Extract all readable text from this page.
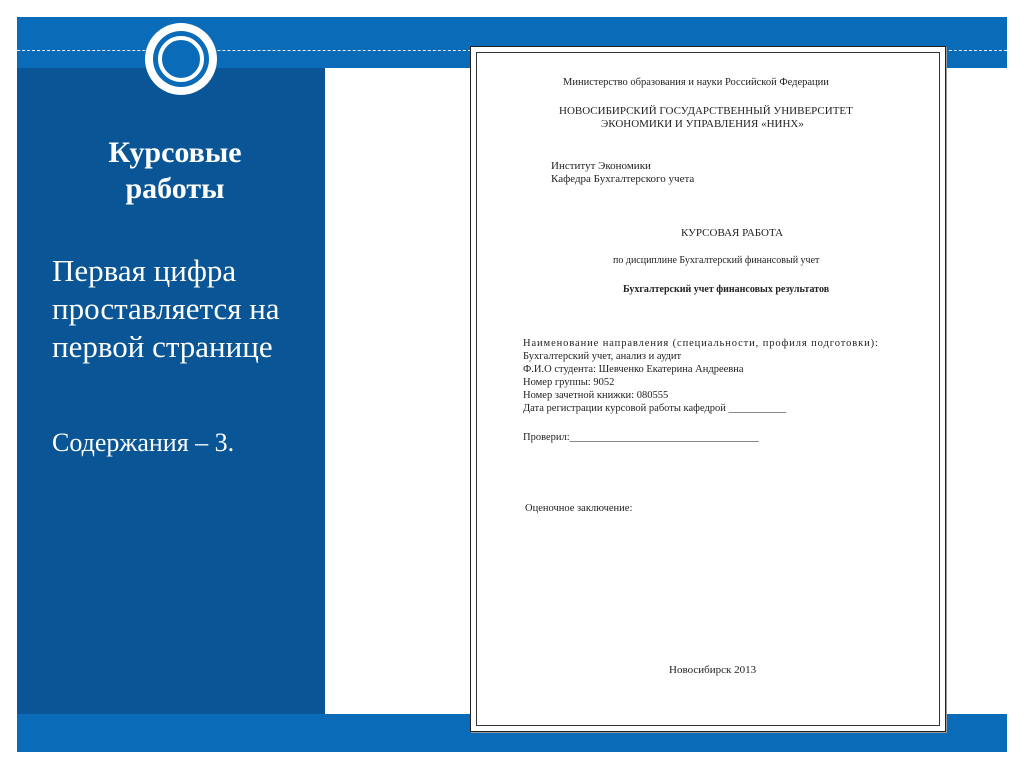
Курсовые работы
Первая цифра проставляется на первой странице
Содержания – 3.

Министерство образования и науки Российской Федерации

НОВОСИБИРСКИЙ ГОСУДАРСТВЕННЫЙ УНИВЕРСИТЕТ

ЭКОНОМИКИ И УПРАВЛЕНИЯ «НИНХ»

Институт Экономики

Кафедра Бухгалтерского учета

КУРСОВАЯ РАБОТА

по дисциплине Бухгалтерский финансовый учет

Бухгалтерский учет финансовых результатов

Наименование направления (специальности, профиля подготовки):

Бухгалтерский учет, анализ и аудит

Ф.И.О студента: Шевченко Екатерина Андреевна

Номер группы: 9052

Номер зачетной книжки: 080555

Дата регистрации курсовой работы кафедрой ___________

Проверил:____________________________________

Оценочное заключение:

Новосибирск 2013
